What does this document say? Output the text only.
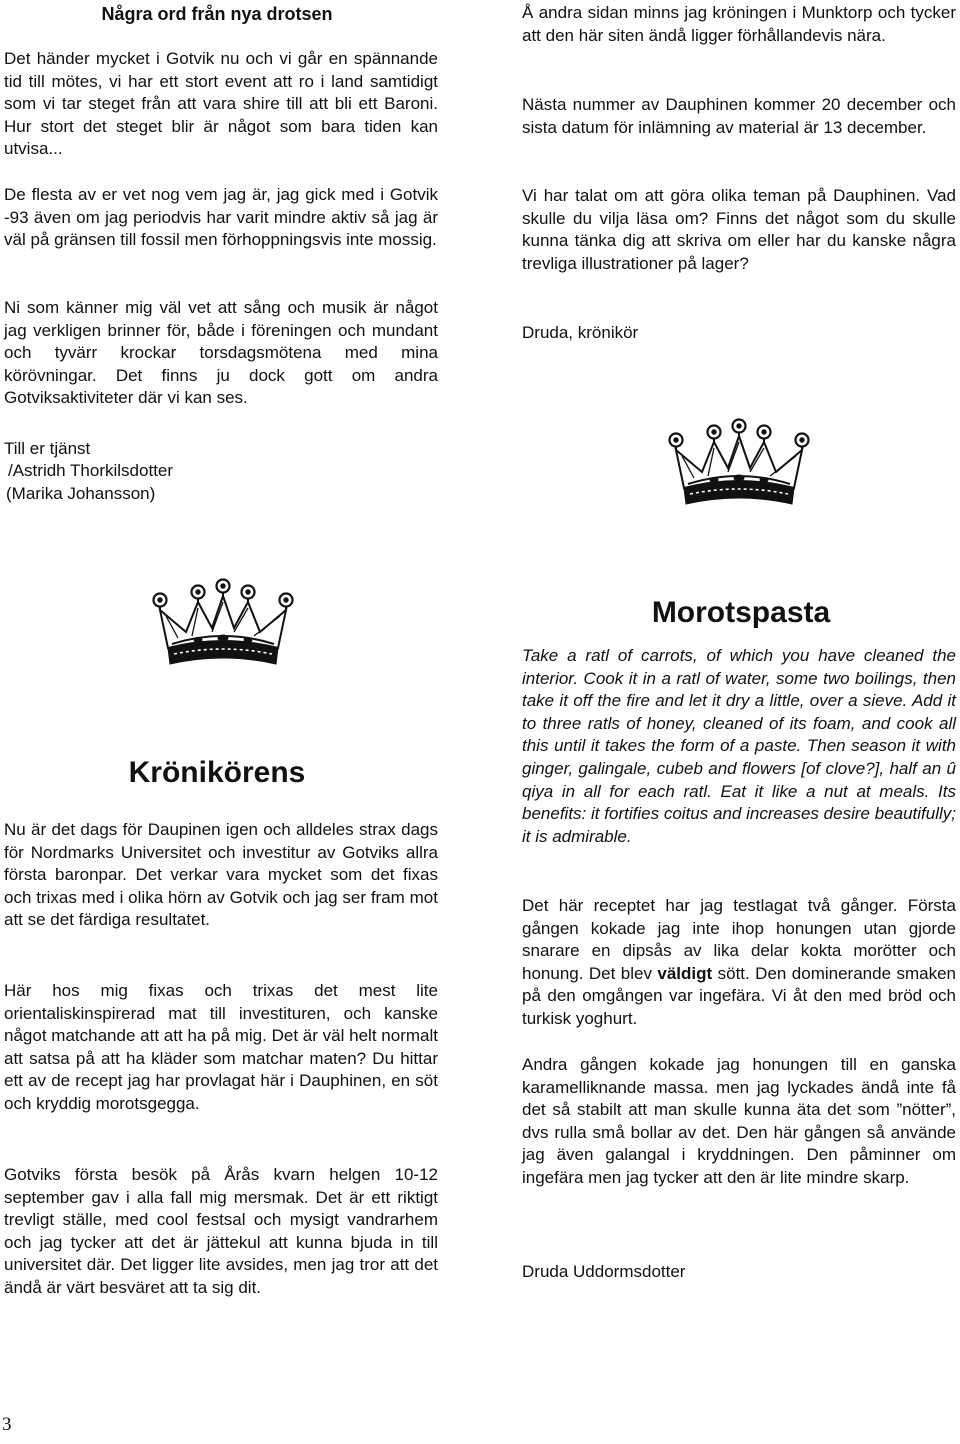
Några ord från nya drotsen

Det händer mycket i Gotvik nu och vi går en spännande tid till mötes, vi har ett stort event att ro i land samtidigt som vi tar steget från att vara shire till att bli ett Baroni. Hur stort det steget blir är något som bara tiden kan utvisa...

De flesta av er vet nog vem jag är, jag gick med i Gotvik -93 även om jag periodvis har varit mindre aktiv så jag är väl på gränsen till fossil men förhoppningsvis inte mossig.

Ni som känner mig väl vet att sång och musik är något jag verkligen brinner för, både i föreningen och mundant och tyvärr krockar torsdagsmötena med mina körövningar. Det finns ju dock gott om andra Gotviksaktiviteter där vi kan ses.

Till er tjänst

/Astridh Thorkilsdotter

(Marika Johansson)

Å andra sidan minns jag kröningen i Munktorp och tycker att den här siten ändå ligger förhållandevis nära.

Nästa nummer av Dauphinen kommer 20 december och sista datum för inlämning av material är 13 december.

Vi har talat om att göra olika teman på Dauphinen. Vad skulle du vilja läsa om? Finns det något som du skulle kunna tänka dig att skriva om eller har du kanske några trevliga illustrationer på lager?

Druda, krönikör

Morotspasta

Take a ratl of carrots, of which you have cleaned the interior. Cook it in a ratl of water, some two boilings, then take it off the fire and let it dry a little, over a sieve. Add it to three ratls of honey, cleaned of its foam, and cook all this until it takes the form of a paste. Then season it with ginger, galingale, cubeb and flowers [of clove?], half an û qiya in all for each ratl. Eat it like a nut at meals. Its benefits: it fortifies coitus and increases desire beautifully; it is admirable.

Det här receptet har jag testlagat två gånger. Första gången kokade jag inte ihop honungen utan gjorde snarare en dipsås av lika delar kokta morötter och honung. Det blev väldigt sött. Den dominerande smaken på den omgången var ingefära. Vi åt den med bröd och turkisk yoghurt.

Andra gången kokade jag honungen till en ganska karamelliknande massa. men jag lyckades ändå inte få det så stabilt att man skulle kunna äta det som ”nötter”, dvs rulla små bollar av det. Den här gången så använde jag även galangal i kryddningen. Den påminner om ingefära men jag tycker att den är lite mindre skarp.

Druda Uddormsdotter

Krönikörens

Nu är det dags för Daupinen igen och alldeles strax dags för Nordmarks Universitet och investitur av Gotviks allra första baronpar. Det verkar vara mycket som det fixas och trixas med i olika hörn av Gotvik och jag ser fram mot att se det färdiga resultatet.

Här hos mig fixas och trixas det mest lite orientaliskinspirerad mat till investituren, och kanske något matchande att att ha på mig. Det är väl helt normalt att satsa på att ha kläder som matchar maten? Du hittar ett av de recept jag har provlagat här i Dauphinen, en söt och kryddig morotsgegga.

Gotviks första besök på Årås kvarn helgen 10-12 september gav i alla fall mig mersmak. Det är ett riktigt trevligt ställe, med cool festsal och mysigt vandrarhem och jag tycker att det är jättekul att kunna bjuda in till universitet där. Det ligger lite avsides, men jag tror att det ändå är värt besväret att ta sig dit.

3
